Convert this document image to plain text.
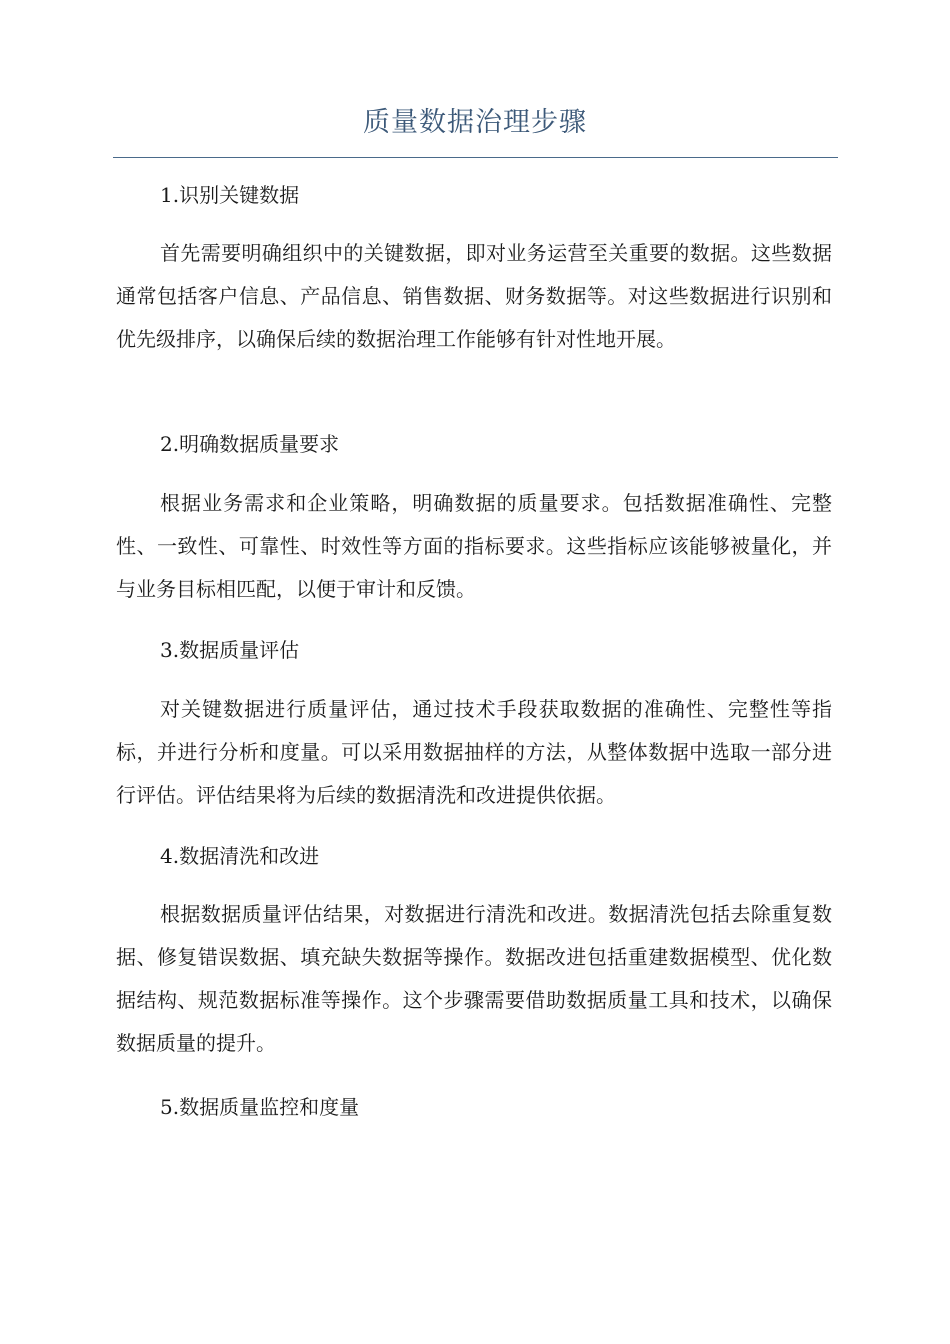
质量数据治理步骤

1.识别关键数据

首先需要明确组织中的关键数据，即对业务运营至关重要的数据。这些数据通常包括客户信息、产品信息、销售数据、财务数据等。对这些数据进行识别和优先级排序，以确保后续的数据治理工作能够有针对性地开展。

2.明确数据质量要求

根据业务需求和企业策略，明确数据的质量要求。包括数据准确性、完整性、一致性、可靠性、时效性等方面的指标要求。这些指标应该能够被量化，并与业务目标相匹配，以便于审计和反馈。

3.数据质量评估

对关键数据进行质量评估，通过技术手段获取数据的准确性、完整性等指标，并进行分析和度量。可以采用数据抽样的方法，从整体数据中选取一部分进行评估。评估结果将为后续的数据清洗和改进提供依据。

4.数据清洗和改进

根据数据质量评估结果，对数据进行清洗和改进。数据清洗包括去除重复数据、修复错误数据、填充缺失数据等操作。数据改进包括重建数据模型、优化数据结构、规范数据标准等操作。这个步骤需要借助数据质量工具和技术，以确保数据质量的提升。

5.数据质量监控和度量
